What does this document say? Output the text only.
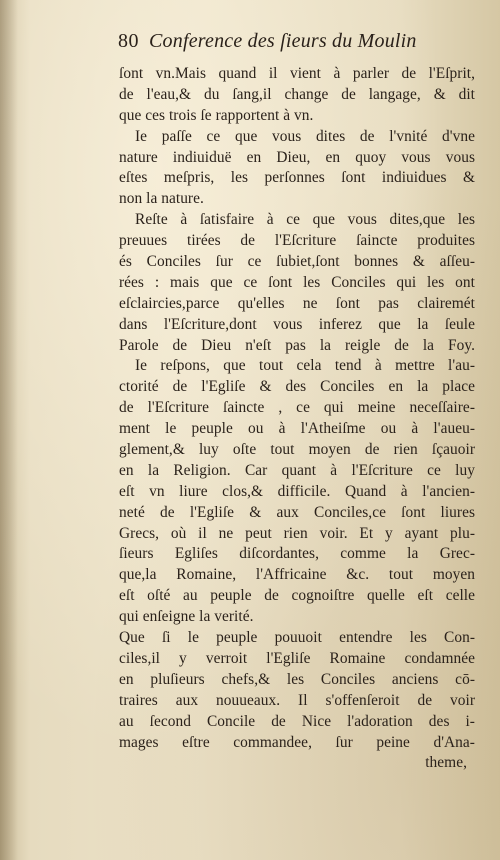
80 Conference des ſieurs du Moulin
ſont vn.Mais quand il vient à parler de l'Eſprit,
de l'eau,& du ſang,il change de langage, & dit
que ces trois ſe rapportent à vn.
Ie paſſe ce que vous dites de l'vnité d'vne
nature indiuiduë en Dieu, en quoy vous vous
eſtes meſpris, les perſonnes ſont indiuidues &
non la nature.
Reſte à ſatisfaire à ce que vous dites,que les
preuues tirées de l'Eſcriture ſaincte produites
és Conciles ſur ce ſubiet,ſont bonnes & aſſeu-
rées : mais que ce ſont les Conciles qui les ont
eſclaircies,parce qu'elles ne ſont pas clairemét
dans l'Eſcriture,dont vous inferez que la ſeule
Parole de Dieu n'eſt pas la reigle de la Foy.
Ie reſpons, que tout cela tend à mettre l'au-
ctorité de l'Egliſe & des Conciles en la place
de l'Eſcriture ſaincte , ce qui meine neceſſaire-
ment le peuple ou à l'Atheiſme ou à l'aueu-
glement,& luy oſte tout moyen de rien ſçauoir
en la Religion. Car quant à l'Eſcriture ce luy
eſt vn liure clos,& difficile. Quand à l'ancien-
neté de l'Egliſe & aux Conciles,ce ſont liures
Grecs, où il ne peut rien voir. Et y ayant plu-
ſieurs Egliſes diſcordantes, comme la Grec-
que,la Romaine, l'Affricaine &c. tout moyen
eſt oſté au peuple de cognoiſtre quelle eſt celle
qui enſeigne la verité.
Que ſi le peuple pouuoit entendre les Con-
ciles,il y verroit l'Egliſe Romaine condamnée
en pluſieurs chefs,& les Conciles anciens cō-
traires aux nouueaux. Il s'offenſeroit de voir
au ſecond Concile de Nice l'adoration des i-
mages eſtre commandee, ſur peine d'Ana-
theme,
